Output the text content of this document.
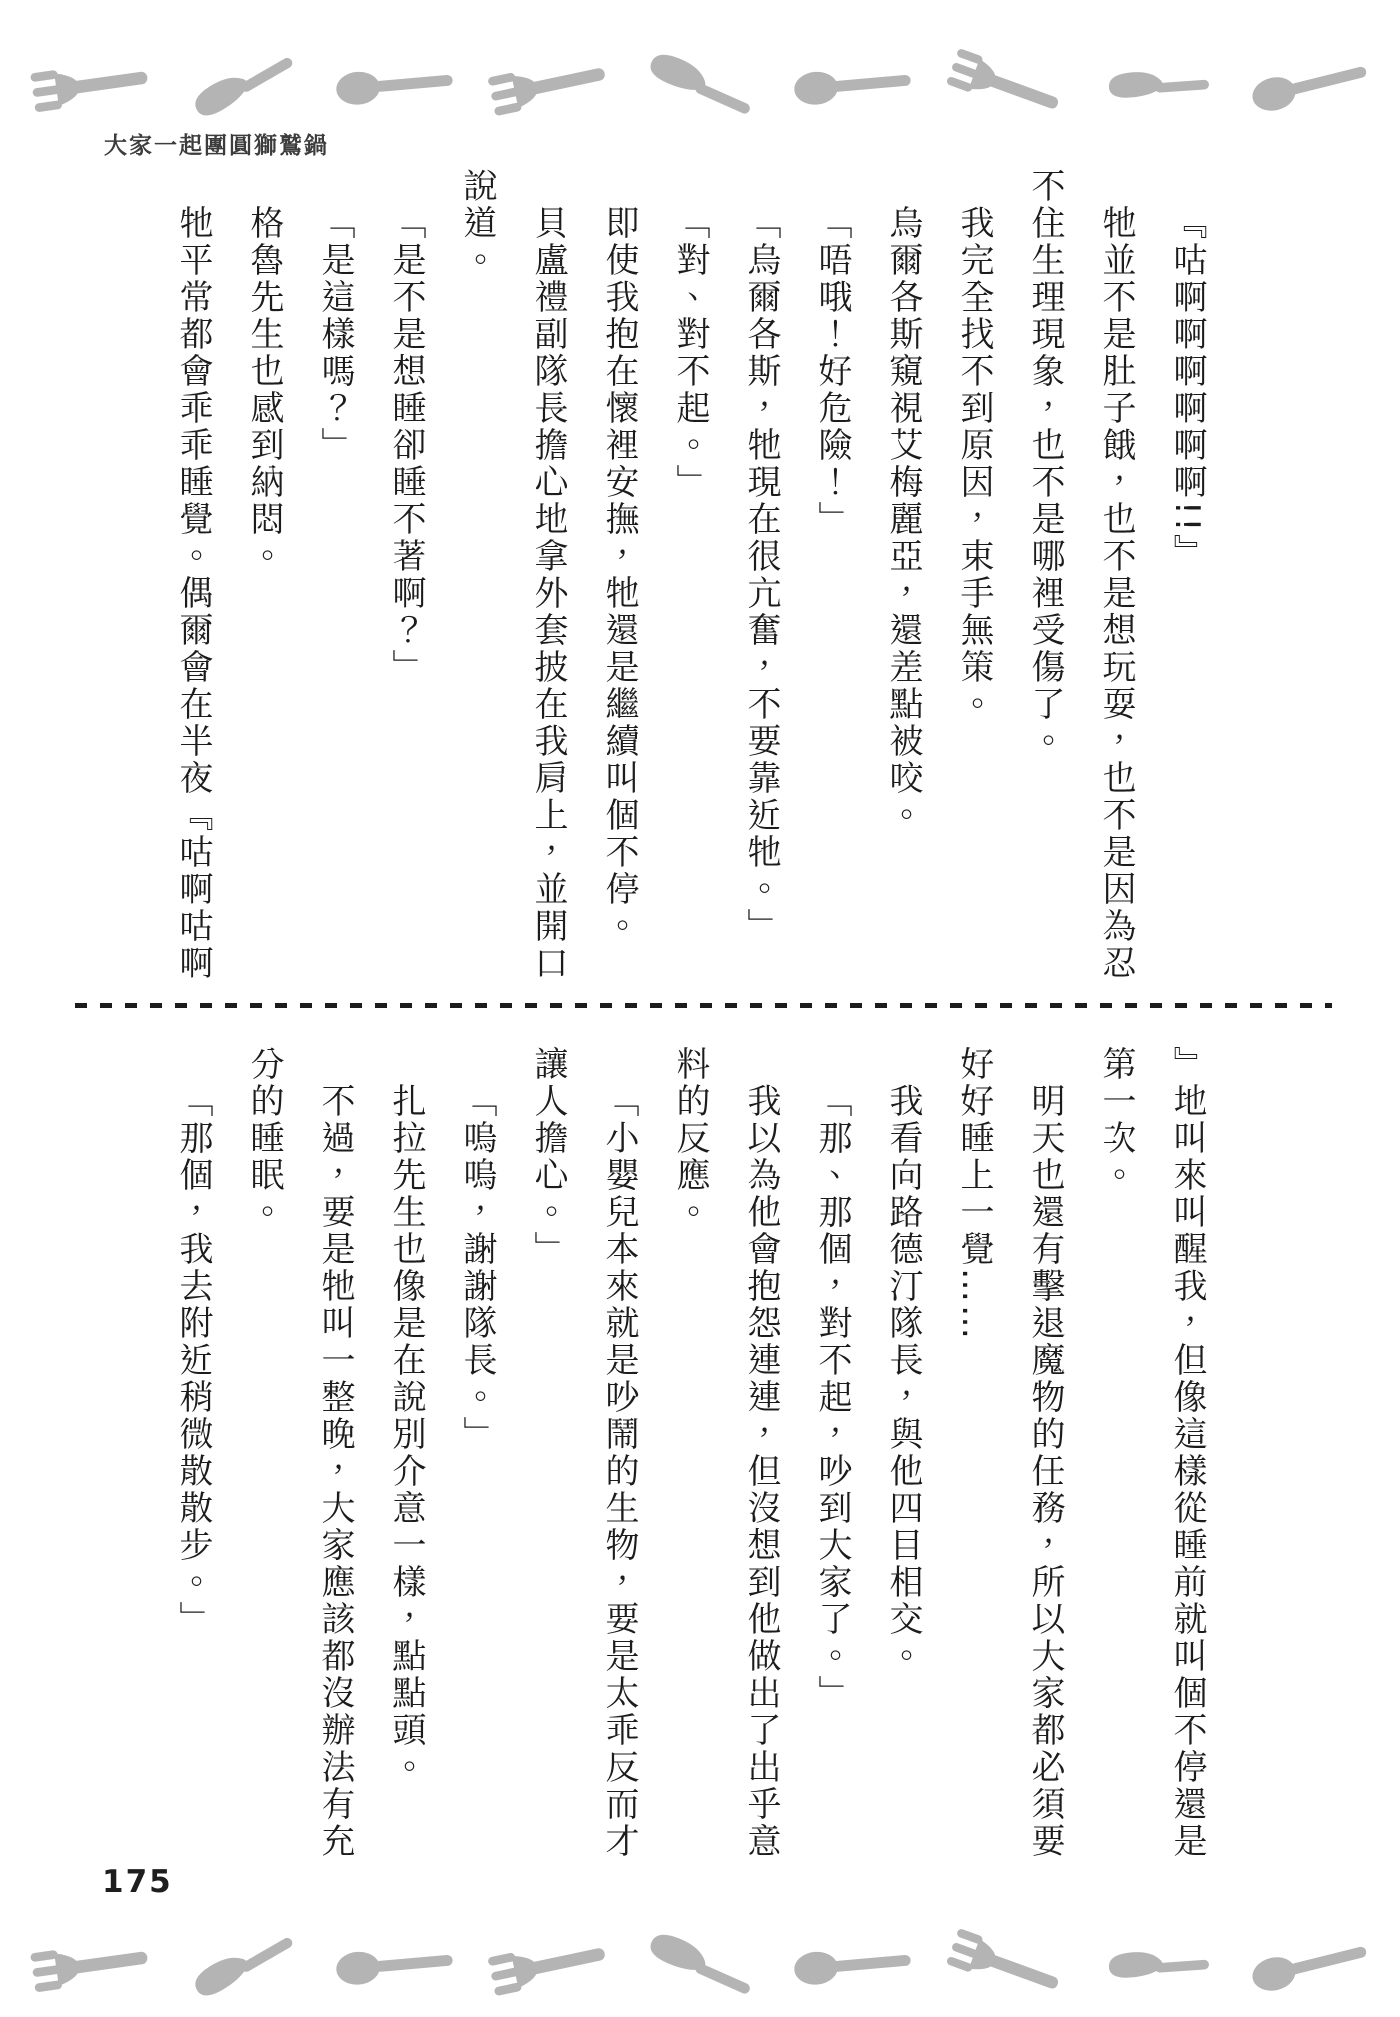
大家一起團圓獅鷲鍋

『咕啊啊啊啊啊啊!!』

牠並不是肚子餓，也不是想玩耍，也不是因為忍不住生理現象，也不是哪裡受傷了。

我完全找不到原因，束手無策。

烏爾各斯窺視艾梅麗亞，還差點被咬。

「唔哦！好危險！」

「烏爾各斯，牠現在很亢奮，不要靠近牠。」

「對、對不起。」

即使我抱在懷裡安撫，牠還是繼續叫個不停。

貝盧禮副隊長擔心地拿外套披在我肩上，並開口說道。

「是不是想睡卻睡不著啊？」

「是這樣嗎？」

格魯先生也感到納悶。

牠平常都會乖乖睡覺。偶爾會在半夜『咕啊咕啊

』地叫來叫醒我，但像這樣從睡前就叫個不停還是第一次。

明天也還有擊退魔物的任務，所以大家都必須要好好睡上一覺……

我看向路德汀隊長，與他四目相交。

「那、那個，對不起，吵到大家了。」

我以為他會抱怨連連，但沒想到他做出了出乎意料的反應。

「小嬰兒本來就是吵鬧的生物，要是太乖反而才讓人擔心。」

「嗚嗚，謝謝隊長。」

扎拉先生也像是在說別介意一樣，點點頭。

不過，要是牠叫一整晚，大家應該都沒辦法有充分的睡眠。

「那個，我去附近稍微散散步。」

175
